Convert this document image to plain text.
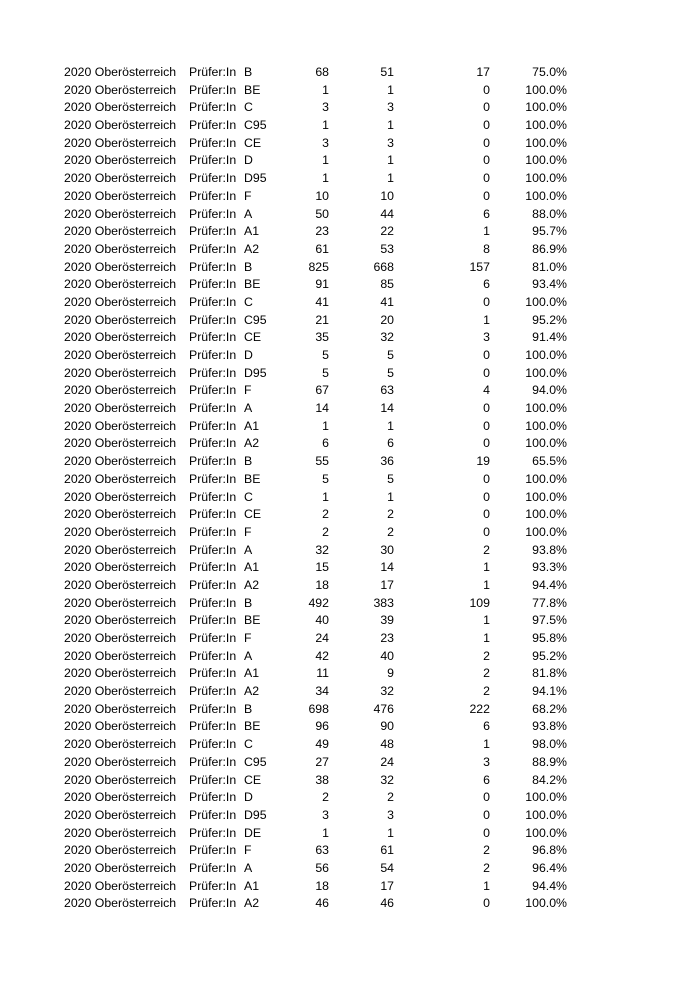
2020 Oberösterreich	Prüfer:In B	68	51	17	75.0%
2020 Oberösterreich	Prüfer:In BE	1	1	0	100.0%
2020 Oberösterreich	Prüfer:In C	3	3	0	100.0%
2020 Oberösterreich	Prüfer:In C95	1	1	0	100.0%
2020 Oberösterreich	Prüfer:In CE	3	3	0	100.0%
2020 Oberösterreich	Prüfer:In D	1	1	0	100.0%
2020 Oberösterreich	Prüfer:In D95	1	1	0	100.0%
2020 Oberösterreich	Prüfer:In F	10	10	0	100.0%
2020 Oberösterreich	Prüfer:In A	50	44	6	88.0%
2020 Oberösterreich	Prüfer:In A1	23	22	1	95.7%
2020 Oberösterreich	Prüfer:In A2	61	53	8	86.9%
2020 Oberösterreich	Prüfer:In B	825	668	157	81.0%
2020 Oberösterreich	Prüfer:In BE	91	85	6	93.4%
2020 Oberösterreich	Prüfer:In C	41	41	0	100.0%
2020 Oberösterreich	Prüfer:In C95	21	20	1	95.2%
2020 Oberösterreich	Prüfer:In CE	35	32	3	91.4%
2020 Oberösterreich	Prüfer:In D	5	5	0	100.0%
2020 Oberösterreich	Prüfer:In D95	5	5	0	100.0%
2020 Oberösterreich	Prüfer:In F	67	63	4	94.0%
2020 Oberösterreich	Prüfer:In A	14	14	0	100.0%
2020 Oberösterreich	Prüfer:In A1	1	1	0	100.0%
2020 Oberösterreich	Prüfer:In A2	6	6	0	100.0%
2020 Oberösterreich	Prüfer:In B	55	36	19	65.5%
2020 Oberösterreich	Prüfer:In BE	5	5	0	100.0%
2020 Oberösterreich	Prüfer:In C	1	1	0	100.0%
2020 Oberösterreich	Prüfer:In CE	2	2	0	100.0%
2020 Oberösterreich	Prüfer:In F	2	2	0	100.0%
2020 Oberösterreich	Prüfer:In A	32	30	2	93.8%
2020 Oberösterreich	Prüfer:In A1	15	14	1	93.3%
2020 Oberösterreich	Prüfer:In A2	18	17	1	94.4%
2020 Oberösterreich	Prüfer:In B	492	383	109	77.8%
2020 Oberösterreich	Prüfer:In BE	40	39	1	97.5%
2020 Oberösterreich	Prüfer:In F	24	23	1	95.8%
2020 Oberösterreich	Prüfer:In A	42	40	2	95.2%
2020 Oberösterreich	Prüfer:In A1	11	9	2	81.8%
2020 Oberösterreich	Prüfer:In A2	34	32	2	94.1%
2020 Oberösterreich	Prüfer:In B	698	476	222	68.2%
2020 Oberösterreich	Prüfer:In BE	96	90	6	93.8%
2020 Oberösterreich	Prüfer:In C	49	48	1	98.0%
2020 Oberösterreich	Prüfer:In C95	27	24	3	88.9%
2020 Oberösterreich	Prüfer:In CE	38	32	6	84.2%
2020 Oberösterreich	Prüfer:In D	2	2	0	100.0%
2020 Oberösterreich	Prüfer:In D95	3	3	0	100.0%
2020 Oberösterreich	Prüfer:In DE	1	1	0	100.0%
2020 Oberösterreich	Prüfer:In F	63	61	2	96.8%
2020 Oberösterreich	Prüfer:In A	56	54	2	96.4%
2020 Oberösterreich	Prüfer:In A1	18	17	1	94.4%
2020 Oberösterreich	Prüfer:In A2	46	46	0	100.0%
